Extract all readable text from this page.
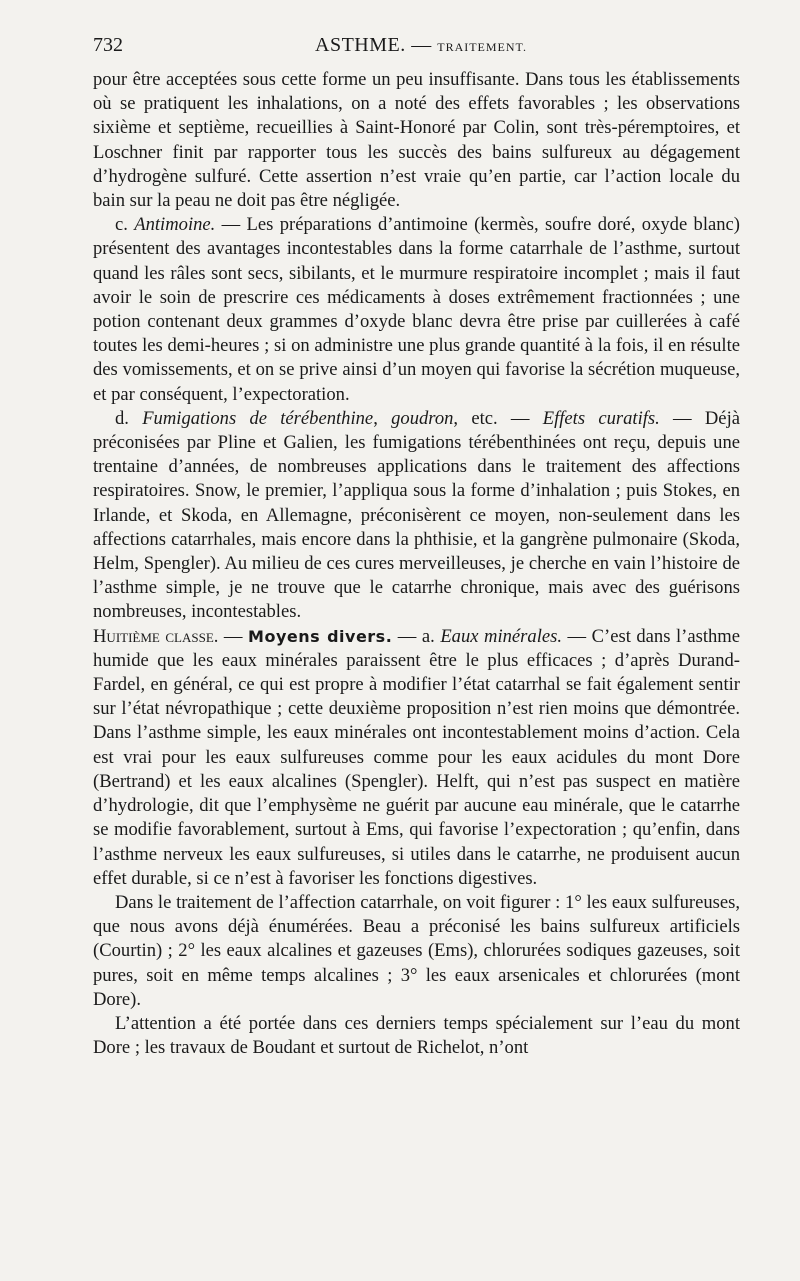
732	ASTHME. — TRAITEMENT.

pour être acceptées sous cette forme un peu insuffisante. Dans tous les établissements où se pratiquent les inhalations, on a noté des effets favorables ; les observations sixième et septième, recueillies à Saint-Honoré par Colin, sont très-péremptoires, et Loschner finit par rapporter tous les succès des bains sulfureux au dégagement d’hydrogène sulfuré. Cette assertion n’est vraie qu’en partie, car l’action locale du bain sur la peau ne doit pas être négligée.

c. Antimoine. — Les préparations d’antimoine (kermès, soufre doré, oxyde blanc) présentent des avantages incontestables dans la forme catarrhale de l’asthme, surtout quand les râles sont secs, sibilants, et le murmure respiratoire incomplet ; mais il faut avoir le soin de prescrire ces médicaments à doses extrêmement fractionnées ; une potion contenant deux grammes d’oxyde blanc devra être prise par cuillerées à café toutes les demi-heures ; si on administre une plus grande quantité à la fois, il en résulte des vomissements, et on se prive ainsi d’un moyen qui favorise la sécrétion muqueuse, et par conséquent, l’expectoration.

d. Fumigations de térébenthine, goudron, etc. — Effets curatifs. — Déjà préconisées par Pline et Galien, les fumigations térébenthinées ont reçu, depuis une trentaine d’années, de nombreuses applications dans le traitement des affections respiratoires. Snow, le premier, l’appliqua sous la forme d’inhalation ; puis Stokes, en Irlande, et Skoda, en Allemagne, préconisèrent ce moyen, non-seulement dans les affections catarrhales, mais encore dans la phthisie, et la gangrène pulmonaire (Skoda, Helm, Spengler). Au milieu de ces cures merveilleuses, je cherche en vain l’histoire de l’asthme simple, je ne trouve que le catarrhe chronique, mais avec des guérisons nombreuses, incontestables.

Huitième classe. — Moyens divers. — a. Eaux minérales. — C’est dans l’asthme humide que les eaux minérales paraissent être le plus efficaces ; d’après Durand-Fardel, en général, ce qui est propre à modifier l’état catarrhal se fait également sentir sur l’état névropathique ; cette deuxième proposition n’est rien moins que démontrée. Dans l’asthme simple, les eaux minérales ont incontestablement moins d’action. Cela est vrai pour les eaux sulfureuses comme pour les eaux acidules du mont Dore (Bertrand) et les eaux alcalines (Spengler). Helft, qui n’est pas suspect en matière d’hydrologie, dit que l’emphysème ne guérit par aucune eau minérale, que le catarrhe se modifie favorablement, surtout à Ems, qui favorise l’expectoration ; qu’enfin, dans l’asthme nerveux les eaux sulfureuses, si utiles dans le catarrhe, ne produisent aucun effet durable, si ce n’est à favoriser les fonctions digestives.

Dans le traitement de l’affection catarrhale, on voit figurer : 1° les eaux sulfureuses, que nous avons déjà énumérées. Beau a préconisé les bains sulfureux artificiels (Courtin) ; 2° les eaux alcalines et gazeuses (Ems), chlorurées sodiques gazeuses, soit pures, soit en même temps alcalines ; 3° les eaux arsenicales et chlorurées (mont Dore).

L’attention a été portée dans ces derniers temps spécialement sur l’eau du mont Dore ; les travaux de Boudant et surtout de Richelot, n’ont
